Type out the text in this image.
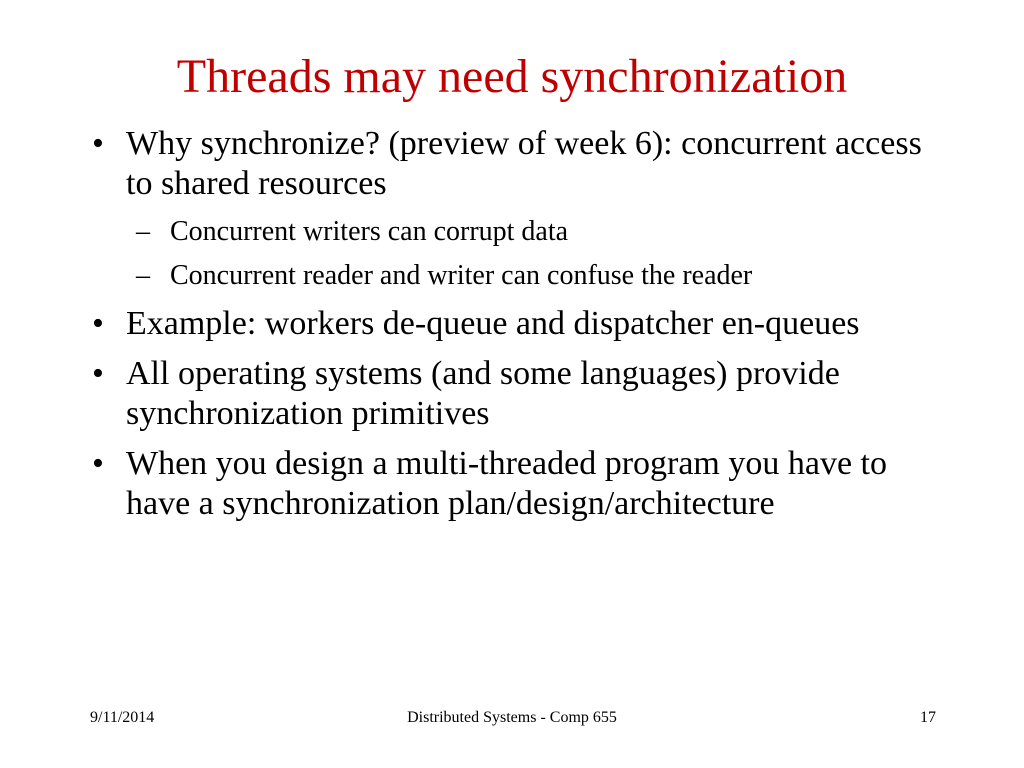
Threads may need synchronization
• Why synchronize? (preview of week 6): concurrent access to shared resources
– Concurrent writers can corrupt data
– Concurrent reader and writer can confuse the reader
• Example: workers de-queue and dispatcher en-queues
• All operating systems (and some languages) provide synchronization primitives
• When you design a multi-threaded program you have to have a synchronization plan/design/architecture
9/11/2014	Distributed Systems - Comp 655	17
